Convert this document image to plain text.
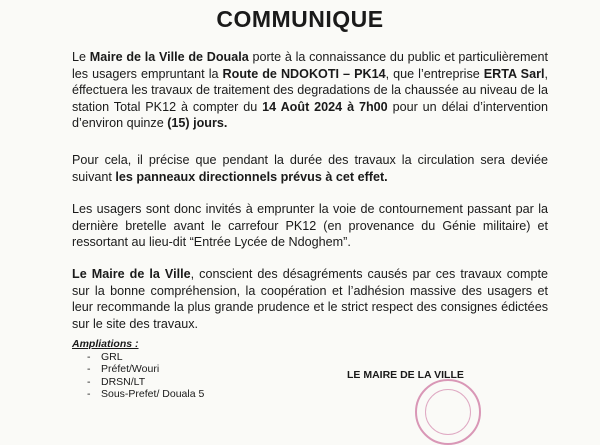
COMMUNIQUE

Le Maire de la Ville de Douala porte à la connaissance du public et particulièrement les usagers empruntant la Route de NDOKOTI – PK14, que l’entreprise ERTA Sarl, éffectuera les travaux de traitement des degradations de la chaussée au niveau de la station Total PK12 à compter du 14 Août 2024 à 7h00 pour un délai d’intervention d’environ quinze (15) jours.

Pour cela, il précise que pendant la durée des travaux la circulation sera deviée suivant les panneaux directionnels prévus à cet effet.

Les usagers sont donc invités à emprunter la voie de contournement passant par la dernière bretelle avant le carrefour PK12 (en provenance du Génie militaire) et ressortant au lieu-dit “Entrée Lycée de Ndoghem”.

Le Maire de la Ville, conscient des désagréments causés par ces travaux compte sur la bonne compréhension, la coopération et l’adhésion massive des usagers et leur recommande la plus grande prudence et le strict respect des consignes édictées sur le site des travaux.

Ampliations :
- GRL
- Préfet/Wouri
- DRSN/LT
- Sous-Prefet/ Douala 5
LE MAIRE DE LA VILLE
